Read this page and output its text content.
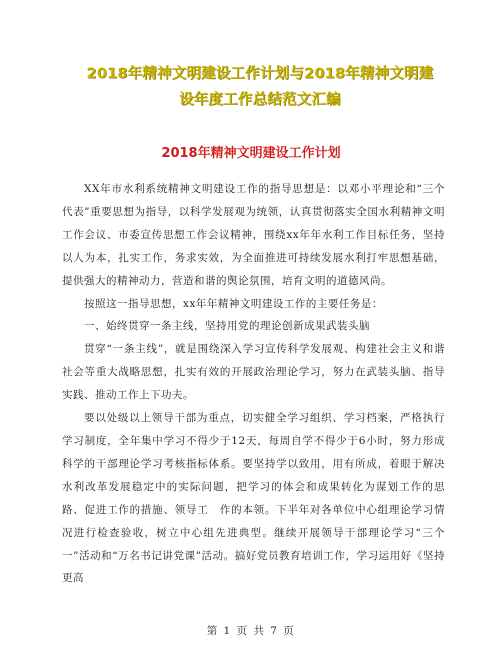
2018年精神文明建设工作计划与2018年精神文明建
设年度工作总结范文汇编
2018年精神文明建设工作计划

XX年市水利系统精神文明建设工作的指导思想是：以邓小平理论和“三个代表”重要思想为指导，以科学发展观为统领，认真贯彻落实全国水利精神文明工作会议、市委宣传思想工作会议精神，围绕xx年年水利工作目标任务，坚持以人为本，扎实工作，务求实效，为全面推进可持续发展水利打牢思想基础，提供强大的精神动力，营造和谐的舆论氛围，培育文明的道德风尚。

按照这一指导思想，xx年年精神文明建设工作的主要任务是：

一、始终贯穿一条主线，坚持用党的理论创新成果武装头脑

贯穿“一条主线”，就是围绕深入学习宣传科学发展观、构建社会主义和谐社会等重大战略思想，扎实有效的开展政治理论学习，努力在武装头脑、指导实践、推动工作上下功夫。

要以处级以上领导干部为重点，切实健全学习组织、学习档案，严格执行学习制度，全年集中学习不得少于12天，每周自学不得少于6小时，努力形成科学的干部理论学习考核指标体系。要坚持学以致用，用有所成，着眼于解决水利改革发展稳定中的实际问题，把学习的体会和成果转化为谋划工作的思路、促进工作的措施、领导工　作的本领。下半年对各单位中心组理论学习情况进行检查验收，树立中心组先进典型。继续开展领导干部理论学习“三个一”活动和“万名书记讲党课”活动。搞好党员教育培训工作，学习运用好《坚持更高

第 1 页 共 7 页
